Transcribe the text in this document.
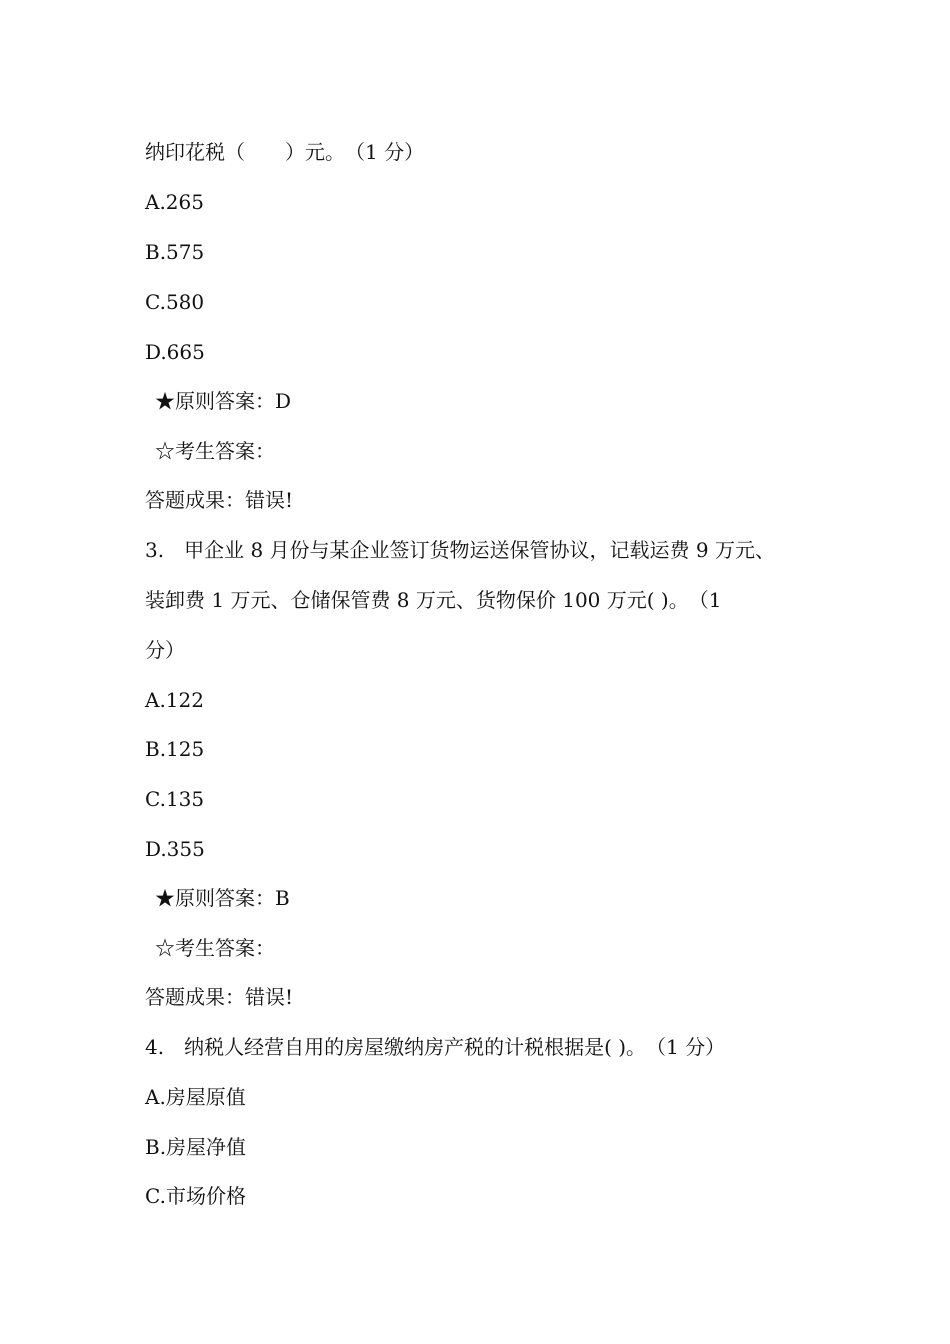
纳印花税（　　）元。　（1 分）
A.265
B.575
C.580
D.665
★原则答案：D
☆考生答案：
答题成果：错误!
3.　甲企业 8 月份与某企业签订货物运送保管协议，记载运费 9 万元、
装卸费 1 万元、仓储保管费 8 万元、货物保价 100 万元( )。　（1
分）
A.122
B.125
C.135
D.355
★原则答案：B
☆考生答案：
答题成果：错误!
4.　纳税人经营自用的房屋缴纳房产税的计税根据是( )。　（1 分）
A.房屋原值
B.房屋净值
C.市场价格
